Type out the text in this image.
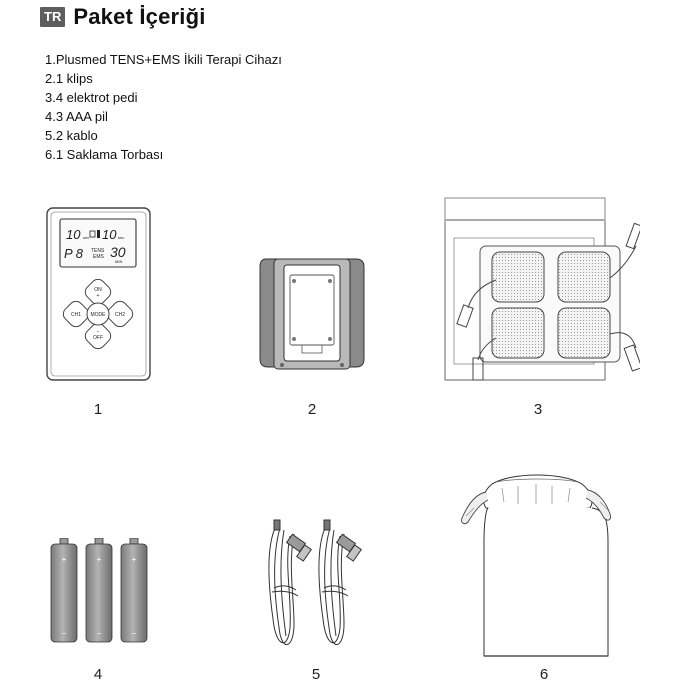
TR Paket İçeriği
1.Plusmed TENS+EMS İkili Terapi Cihazı
2.1 klips
3.4 elektrot pedi
4.3 AAA pil
5.2 kablo
6.1 Saklama Torbası
10 sec 10 sec
P 8 TENS
EMS 30
MIN
ON
+
−
OFF
CH1	CH2
MODE
1	2	3
+	+	+
−	−	−
4	5	6
